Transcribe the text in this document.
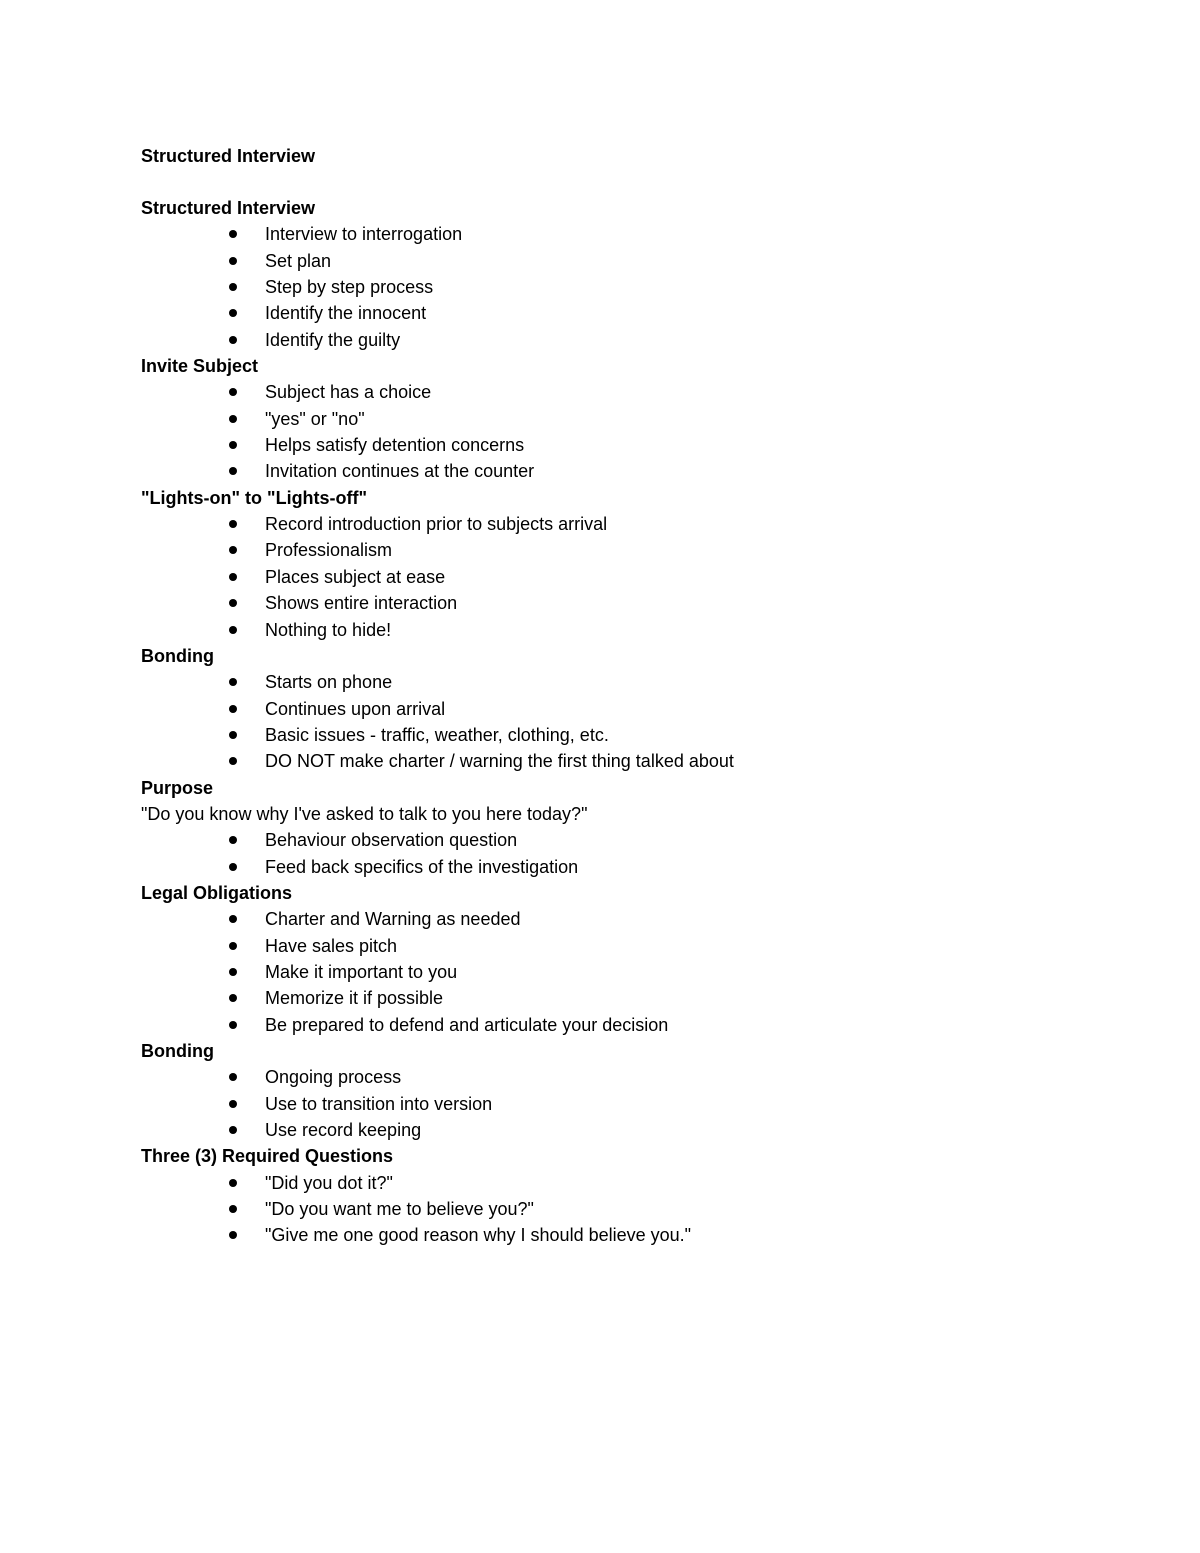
Structured Interview
Structured Interview
Interview to interrogation
Set plan
Step by step process
Identify the innocent
Identify the guilty
Invite Subject
Subject has a choice
"yes" or "no"
Helps satisfy detention concerns
Invitation continues at the counter
"Lights-on" to "Lights-off"
Record introduction prior to subjects arrival
Professionalism
Places subject at ease
Shows entire interaction
Nothing to hide!
Bonding
Starts on phone
Continues upon arrival
Basic issues - traffic, weather, clothing, etc.
DO NOT make charter / warning the first thing talked about
Purpose
"Do you know why I've asked to talk to you here today?"
Behaviour observation question
Feed back specifics of the investigation
Legal Obligations
Charter and Warning as needed
Have sales pitch
Make it important to you
Memorize it if possible
Be prepared to defend and articulate your decision
Bonding
Ongoing process
Use to transition into version
Use record keeping
Three (3) Required Questions
"Did you dot it?"
"Do you want me to believe you?"
"Give me one good reason why I should believe you."
